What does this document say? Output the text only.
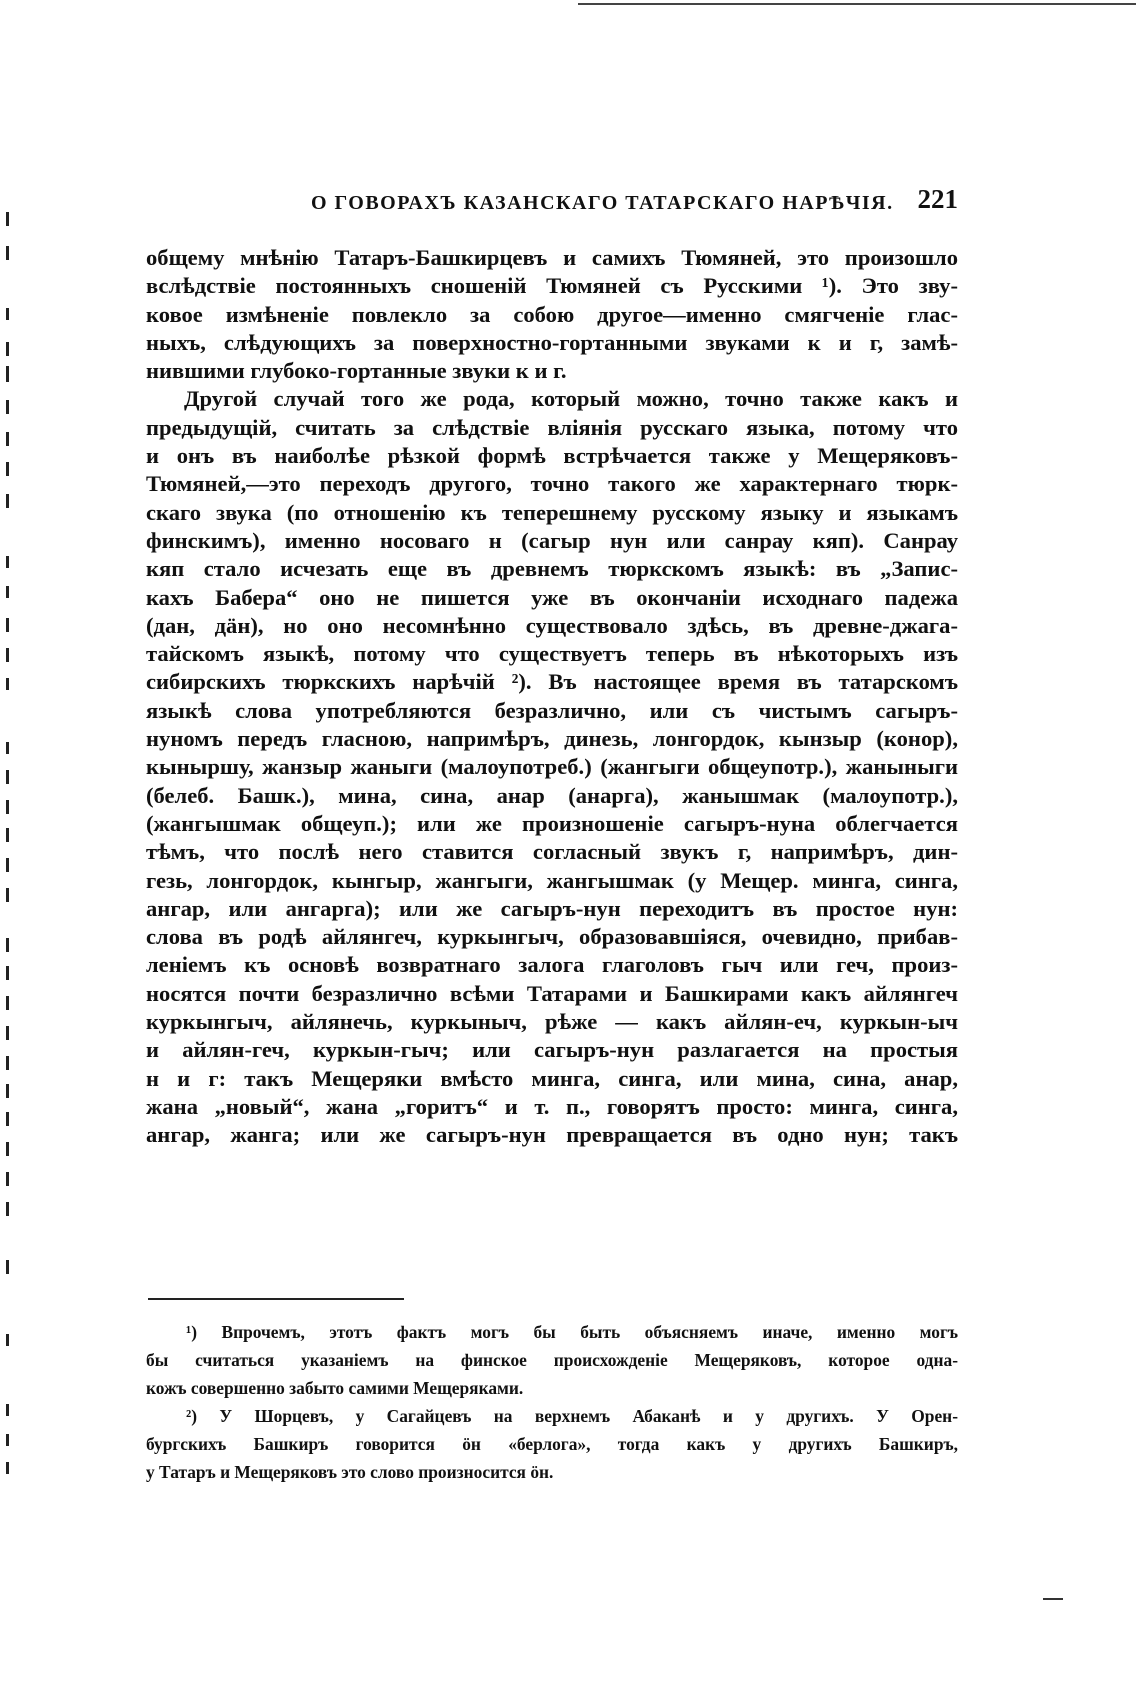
О ГОВОРАХЪ КАЗАНСКАГО ТАТАРСКАГО НАРѢЧІЯ. 221
общему мнѣнію Татаръ-Башкирцевъ и самихъ Тюмяней, это произошло
вслѣдствіе постоянныхъ сношеній Тюмяней съ Русскими ¹). Это зву-
ковое измѣненіе повлекло за собою другое—именно смягченіе глас-
ныхъ, слѣдующихъ за поверхностно-гортанными звуками к и г, замѣ-
нившими глубоко-гортанные звуки к и г.
Другой случай того же рода, который можно, точно также какъ и
предыдущій, считать за слѣдствіе вліянія русскаго языка, потому что
и онъ въ наиболѣе рѣзкой формѣ встрѣчается также у Мещеряковъ-
Тюмяней,—это переходъ другого, точно такого же характернаго тюрк-
скаго звука (по отношенію къ теперешнему русскому языку и языкамъ
финскимъ), именно носоваго н (сагыр нун или санрау кяп). Санрау
кяп стало исчезать еще въ древнемъ тюркскомъ языкѣ: въ „Запис-
кахъ Бабера“ оно не пишется уже въ окончаніи исходнаго падежа
(дан, дӓн), но оно несомнѣнно существовало здѣсь, въ древне-джага-
тайскомъ языкѣ, потому что существуетъ теперь въ нѣкоторыхъ изъ
сибирскихъ тюркскихъ нарѣчій ²). Въ настоящее время въ татарскомъ
языкѣ слова употребляются безразлично, или съ чистымъ сагыръ-
нуномъ передъ гласною, напримѣръ, динезь, лонгордок, кынзыр (конор),
кыныршу, жанзыр жаныги (малоупотреб.) (жангыги общеупотр.), жаныныги
(белеб. Башк.), мина, сина, анар (анарга), жанышмак (малоупотр.),
(жангышмак общеуп.); или же произношеніе сагыръ-нуна облегчается
тѣмъ, что послѣ него ставится согласный звукъ г, напримѣръ, дин-
гезь, лонгордок, кынгыр, жангыги, жангышмак (у Мещер. минга, синга,
ангар, или ангарга); или же сагыръ-нун переходитъ въ простое нун:
слова въ родѣ айлянгеч, куркынгыч, образовавшіяся, очевидно, прибав-
леніемъ къ основѣ возвратнаго залога глаголовъ гыч или геч, произ-
носятся почти безразлично всѣми Татарами и Башкирами какъ айлянгеч
куркынгыч, айлянечь, куркыныч, рѣже — какъ айлян-еч, куркын-ыч
и айлян-геч, куркын-гыч; или сагыръ-нун разлагается на простыя
н и г: такъ Мещеряки вмѣсто минга, синга, или мина, сина, анар,
жана „новый“, жана „горитъ“ и т. п., говорятъ просто: минга, синга,
ангар, жанга; или же сагыръ-нун превращается въ одно нун; такъ
¹) Впрочемъ, этотъ фактъ могъ бы быть объясняемъ иначе, именно могъ
бы считаться указаніемъ на финское происхожденіе Мещеряковъ, которое одна-
кожъ совершенно забыто самими Мещеряками.
²) У Шорцевъ, у Сагайцевъ на верхнемъ Абаканѣ и у другихъ. У Орен-
бургскихъ Башкиръ говорится ӧн «берлога», тогда какъ у другихъ Башкиръ,
у Татаръ и Мещеряковъ это слово произносится ӧн.
